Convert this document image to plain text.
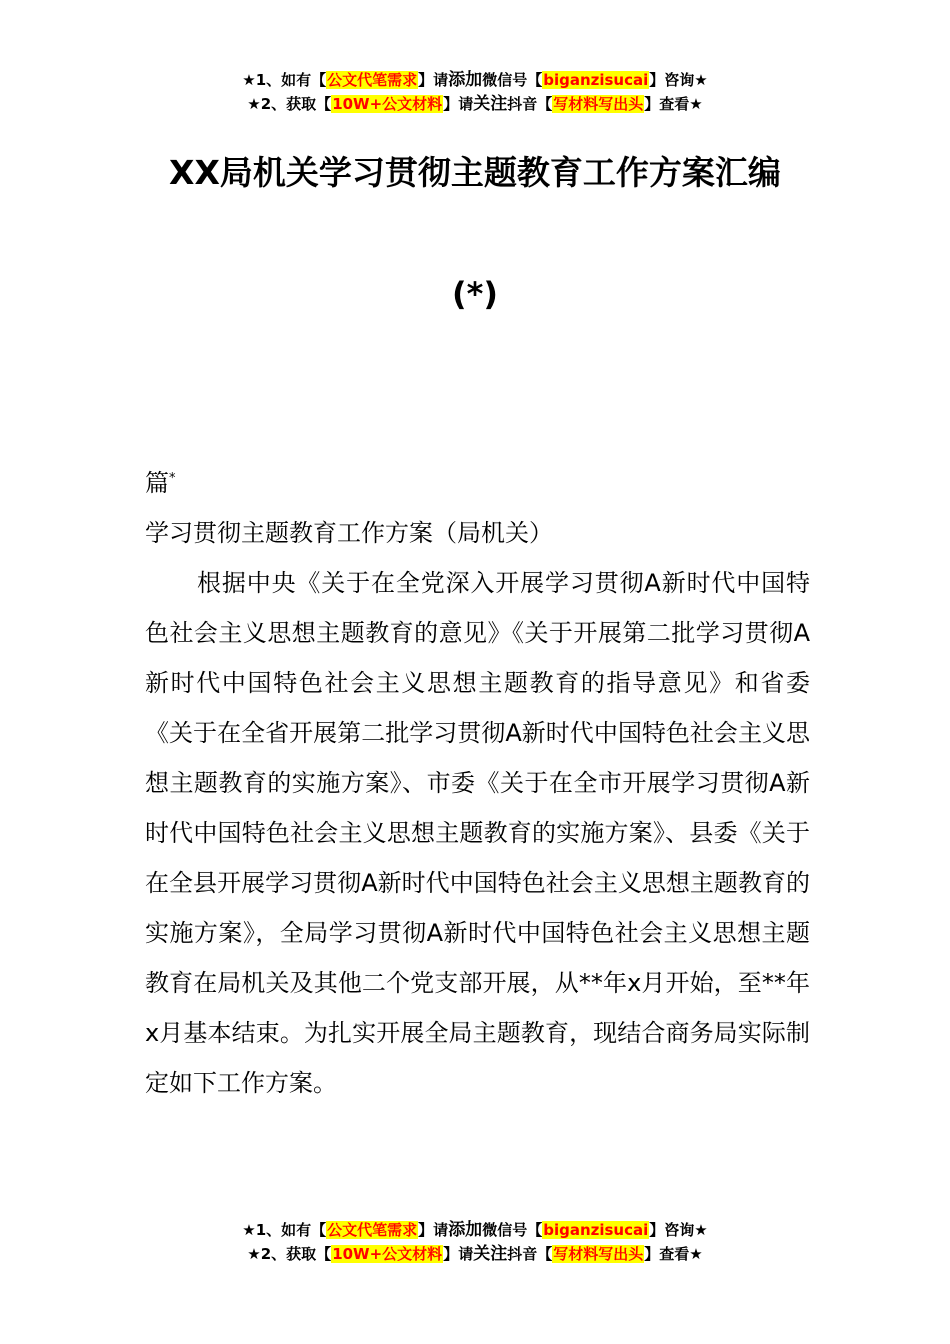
★1、如有【公文代笔需求】请添加微信号【biganzisucai】咨询★
★2、获取【10W+公文材料】请关注抖音【写材料写出头】查看★
XX局机关学习贯彻主题教育工作方案汇编
(*)

篇*

学习贯彻主题教育工作方案（局机关）

根据中央《关于在全党深入开展学习贯彻A新时代中国特色社会主义思想主题教育的意见》《关于开展第二批学习贯彻A新时代中国特色社会主义思想主题教育的指导意见》和省委《关于在全省开展第二批学习贯彻A新时代中国特色社会主义思想主题教育的实施方案》、市委《关于在全市开展学习贯彻A新时代中国特色社会主义思想主题教育的实施方案》、县委《关于在全县开展学习贯彻A新时代中国特色社会主义思想主题教育的实施方案》，全局学习贯彻A新时代中国特色社会主义思想主题教育在局机关及其他二个党支部开展，从**年x月开始，至**年x月基本结束。为扎实开展全局主题教育，现结合商务局实际制定如下工作方案。

★1、如有【公文代笔需求】请添加微信号【biganzisucai】咨询★
★2、获取【10W+公文材料】请关注抖音【写材料写出头】查看★
